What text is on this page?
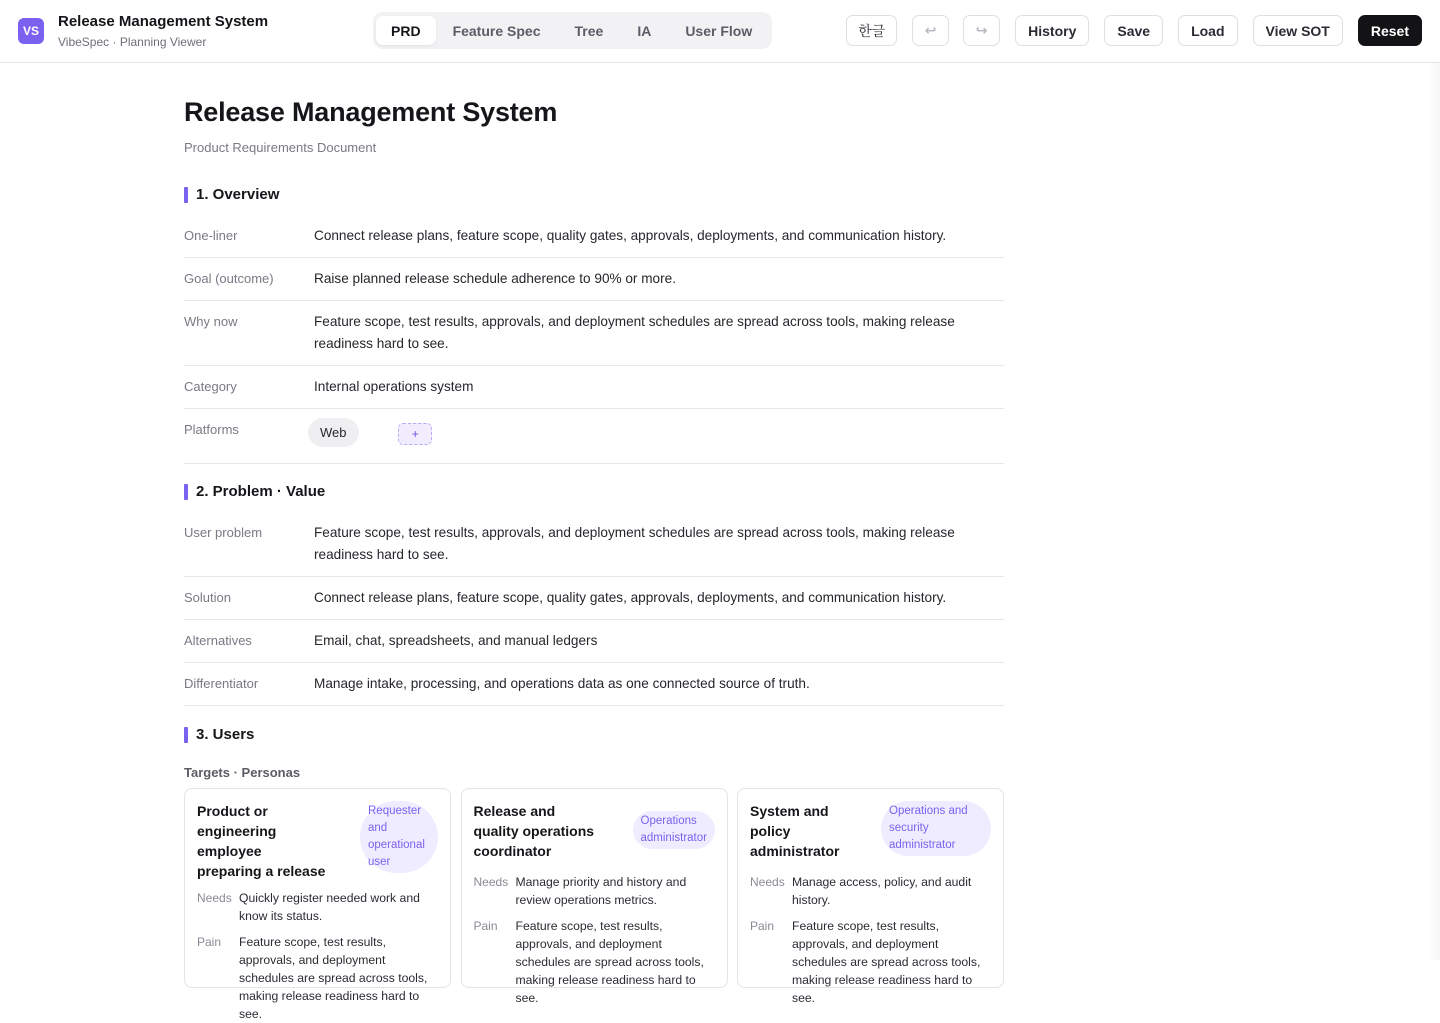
VS
Release Management System
VibeSpec · Planning Viewer
PRD	Feature Spec	Tree	IA	User Flow	한글	↩	↪	History	Save	Load	View SOT	Reset
Release Management System
Product Requirements Document
1. Overview
One-liner	Connect release plans, feature scope, quality gates, approvals, deployments, and communication history.
Goal (outcome)	Raise planned release schedule adherence to 90% or more.
Why now	Feature scope, test results, approvals, and deployment schedules are spread across tools, making release readiness hard to see.
Category	Internal operations system
Platforms	Web	+
2. Problem · Value
User problem	Feature scope, test results, approvals, and deployment schedules are spread across tools, making release readiness hard to see.
Solution	Connect release plans, feature scope, quality gates, approvals, deployments, and communication history.
Alternatives	Email, chat, spreadsheets, and manual ledgers
Differentiator	Manage intake, processing, and operations data as one connected source of truth.
3. Users
Targets · Personas
Product or engineering employee preparing a release
Requester and operational user
Needs Quickly register needed work and know its status.
Pain	Feature scope, test results, approvals, and deployment schedules are spread across tools, making release readiness hard to see.
Release and quality operations coordinator
Operations administrator
Needs Manage priority and history and review operations metrics.
Pain	Feature scope, test results, approvals, and deployment schedules are spread across tools, making release readiness hard to see.
System and policy administrator
Operations and security administrator
Needs Manage access, policy, and audit history.
Pain	Feature scope, test results, approvals, and deployment schedules are spread across tools, making release readiness hard to see.
